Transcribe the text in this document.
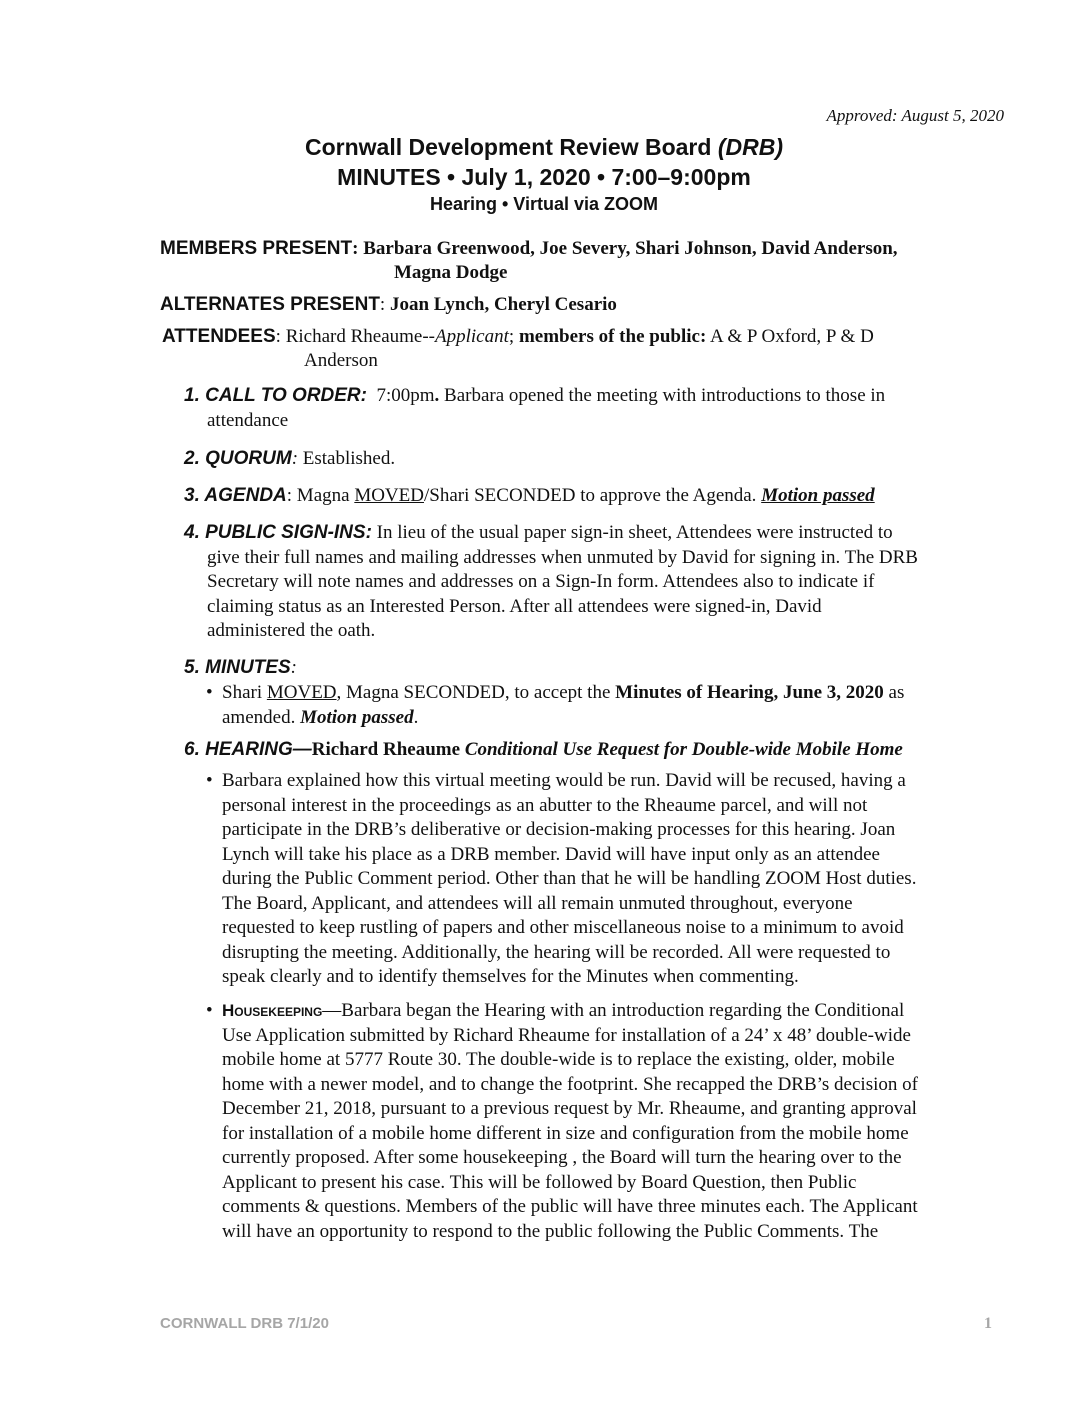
Approved: August 5, 2020
Cornwall Development Review Board (DRB)
MINUTES • July 1, 2020 • 7:00–9:00pm
Hearing • Virtual via ZOOM
MEMBERS PRESENT: Barbara Greenwood, Joe Severy, Shari Johnson, David Anderson,
Magna Dodge
ALTERNATES PRESENT: Joan Lynch, Cheryl Cesario
ATTENDEES: Richard Rheaume--Applicant; members of the public: A & P Oxford, P & D
Anderson
1. CALL TO ORDER: 7:00pm. Barbara opened the meeting with introductions to those in
attendance
2. QUORUM: Established.
3. AGENDA: Magna MOVED/Shari SECONDED to approve the Agenda. Motion passed
4. PUBLIC SIGN-INS: In lieu of the usual paper sign-in sheet, Attendees were instructed to
give their full names and mailing addresses when unmuted by David for signing in. The DRB
Secretary will note names and addresses on a Sign-In form. Attendees also to indicate if
claiming status as an Interested Person. After all attendees were signed-in, David
administered the oath.
5. MINUTES:
• Shari MOVED, Magna SECONDED, to accept the Minutes of Hearing, June 3, 2020 as
amended. Motion passed.
6. HEARING—Richard Rheaume Conditional Use Request for Double-wide Mobile Home
• Barbara explained how this virtual meeting would be run. David will be recused, having a
personal interest in the proceedings as an abutter to the Rheaume parcel, and will not
participate in the DRB’s deliberative or decision-making processes for this hearing. Joan
Lynch will take his place as a DRB member. David will have input only as an attendee
during the Public Comment period. Other than that he will be handling ZOOM Host duties.
The Board, Applicant, and attendees will all remain unmuted throughout, everyone
requested to keep rustling of papers and other miscellaneous noise to a minimum to avoid
disrupting the meeting. Additionally, the hearing will be recorded. All were requested to
speak clearly and to identify themselves for the Minutes when commenting.
• Housekeeping—Barbara began the Hearing with an introduction regarding the Conditional
Use Application submitted by Richard Rheaume for installation of a 24’ x 48’ double-wide
mobile home at 5777 Route 30. The double-wide is to replace the existing, older, mobile
home with a newer model, and to change the footprint. She recapped the DRB’s decision of
December 21, 2018, pursuant to a previous request by Mr. Rheaume, and granting approval
for installation of a mobile home different in size and configuration from the mobile home
currently proposed. After some housekeeping , the Board will turn the hearing over to the
Applicant to present his case. This will be followed by Board Question, then Public
comments & questions. Members of the public will have three minutes each. The Applicant
will have an opportunity to respond to the public following the Public Comments. The
CORNWALL DRB 7/1/20	1
